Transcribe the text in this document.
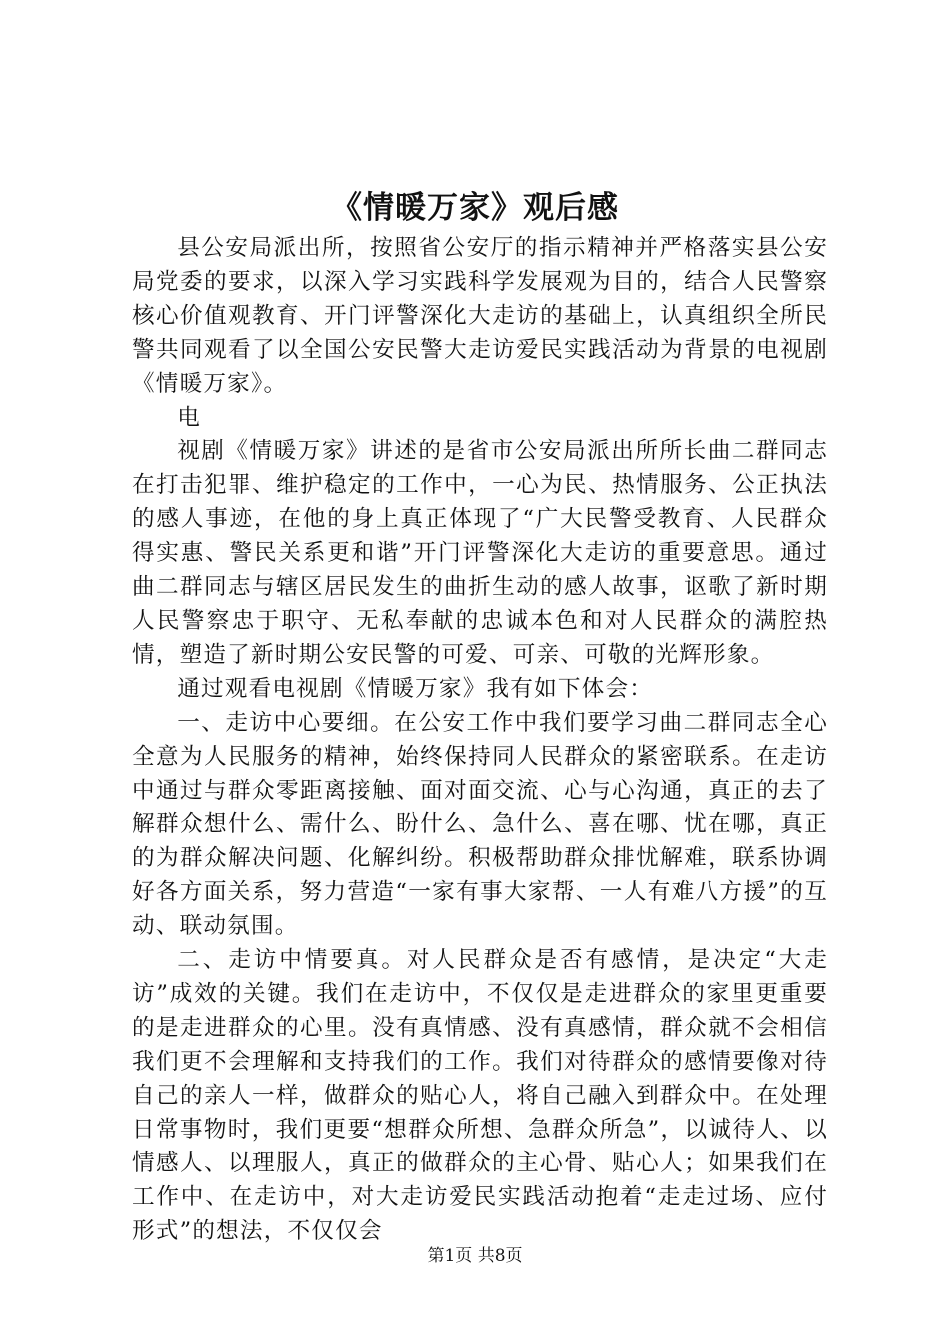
《情暖万家》观后感

县公安局派出所，按照省公安厅的指示精神并严格落实县公安局党委的要求，以深入学习实践科学发展观为目的，结合人民警察核心价值观教育、开门评警深化大走访的基础上，认真组织全所民警共同观看了以全国公安民警大走访爱民实践活动为背景的电视剧《情暖万家》。

电

视剧《情暖万家》讲述的是省市公安局派出所所长曲二群同志在打击犯罪、维护稳定的工作中，一心为民、热情服务、公正执法的感人事迹，在他的身上真正体现了“广大民警受教育、人民群众得实惠、警民关系更和谐”开门评警深化大走访的重要意思。通过曲二群同志与辖区居民发生的曲折生动的感人故事，讴歌了新时期人民警察忠于职守、无私奉献的忠诚本色和对人民群众的满腔热情，塑造了新时期公安民警的可爱、可亲、可敬的光辉形象。

通过观看电视剧《情暖万家》我有如下体会：

一、走访中心要细。在公安工作中我们要学习曲二群同志全心全意为人民服务的精神，始终保持同人民群众的紧密联系。在走访中通过与群众零距离接触、面对面交流、心与心沟通，真正的去了解群众想什么、需什么、盼什么、急什么、喜在哪、忧在哪，真正的为群众解决问题、化解纠纷。积极帮助群众排忧解难，联系协调好各方面关系，努力营造“一家有事大家帮、一人有难八方援”的互动、联动氛围。

二、走访中情要真。对人民群众是否有感情，是决定“大走访”成效的关键。我们在走访中，不仅仅是走进群众的家里更重要的是走进群众的心里。没有真情感、没有真感情，群众就不会相信我们更不会理解和支持我们的工作。我们对待群众的感情要像对待自己的亲人一样，做群众的贴心人，将自己融入到群众中。在处理日常事物时，我们更要“想群众所想、急群众所急”，以诚待人、以情感人、以理服人，真正的做群众的主心骨、贴心人；如果我们在工作中、在走访中，对大走访爱民实践活动抱着“走走过场、应付形式”的想法，不仅仅会

第1页 共8页
